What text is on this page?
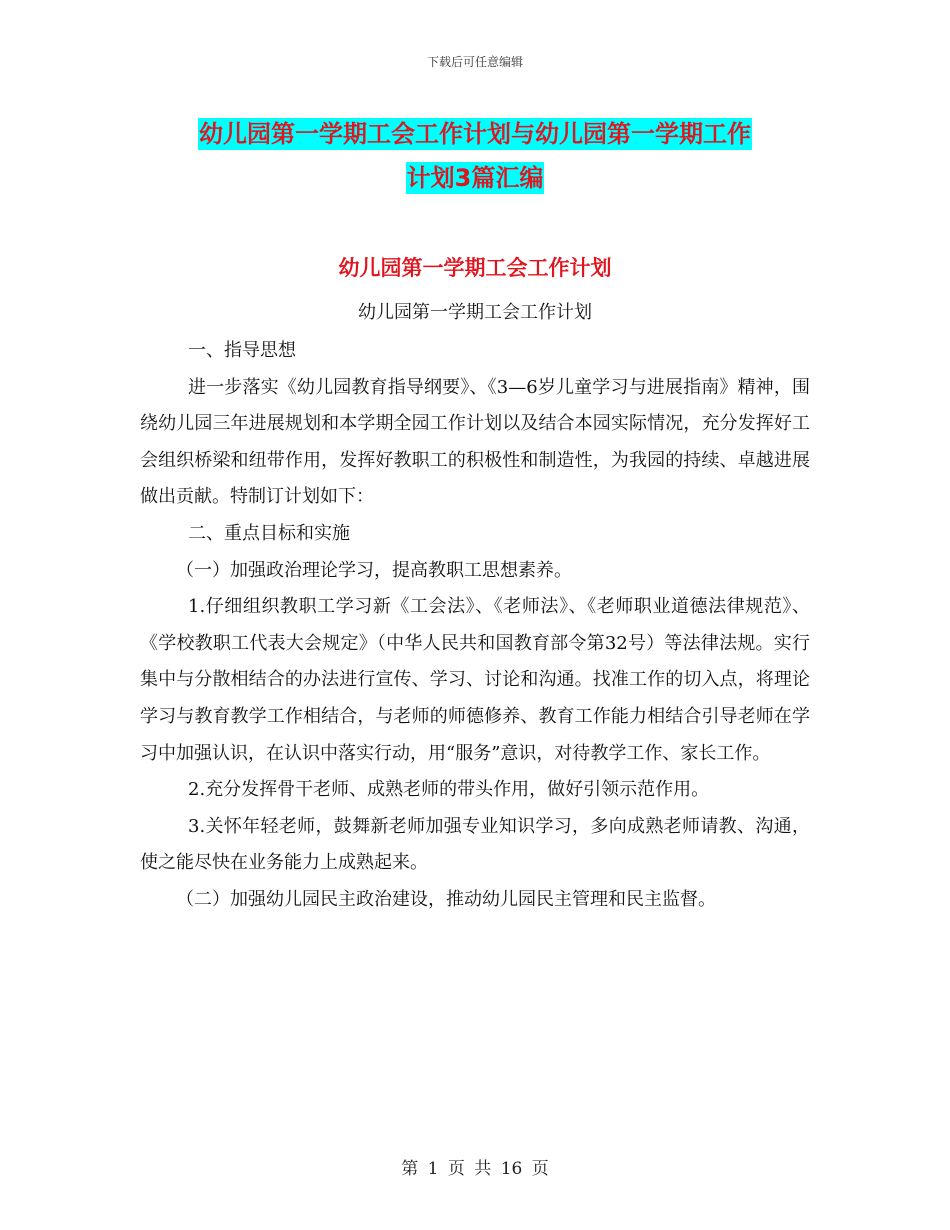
下载后可任意编辑
幼儿园第一学期工会工作计划与幼儿园第一学期工作
计划3篇汇编
幼儿园第一学期工会工作计划
幼儿园第一学期工会工作计划

一、指导思想

进一步落实《幼儿园教育指导纲要》、《3—6岁儿童学习与进展指南》精神，围绕幼儿园三年进展规划和本学期全园工作计划以及结合本园实际情况，充分发挥好工会组织桥梁和纽带作用，发挥好教职工的积极性和制造性，为我园的持续、卓越进展做出贡献。特制订计划如下：

二、重点目标和实施

（一）加强政治理论学习，提高教职工思想素养。

1.仔细组织教职工学习新《工会法》、《老师法》、《老师职业道德法律规范》、《学校教职工代表大会规定》（中华人民共和国教育部令第32号）等法律法规。实行集中与分散相结合的办法进行宣传、学习、讨论和沟通。找准工作的切入点，将理论学习与教育教学工作相结合，与老师的师德修养、教育工作能力相结合引导老师在学习中加强认识，在认识中落实行动，用“服务”意识，对待教学工作、家长工作。

2.充分发挥骨干老师、成熟老师的带头作用，做好引领示范作用。

3.关怀年轻老师，鼓舞新老师加强专业知识学习，多向成熟老师请教、沟通，使之能尽快在业务能力上成熟起来。

（二）加强幼儿园民主政治建设，推动幼儿园民主管理和民主监督。

第 1 页 共 16 页
